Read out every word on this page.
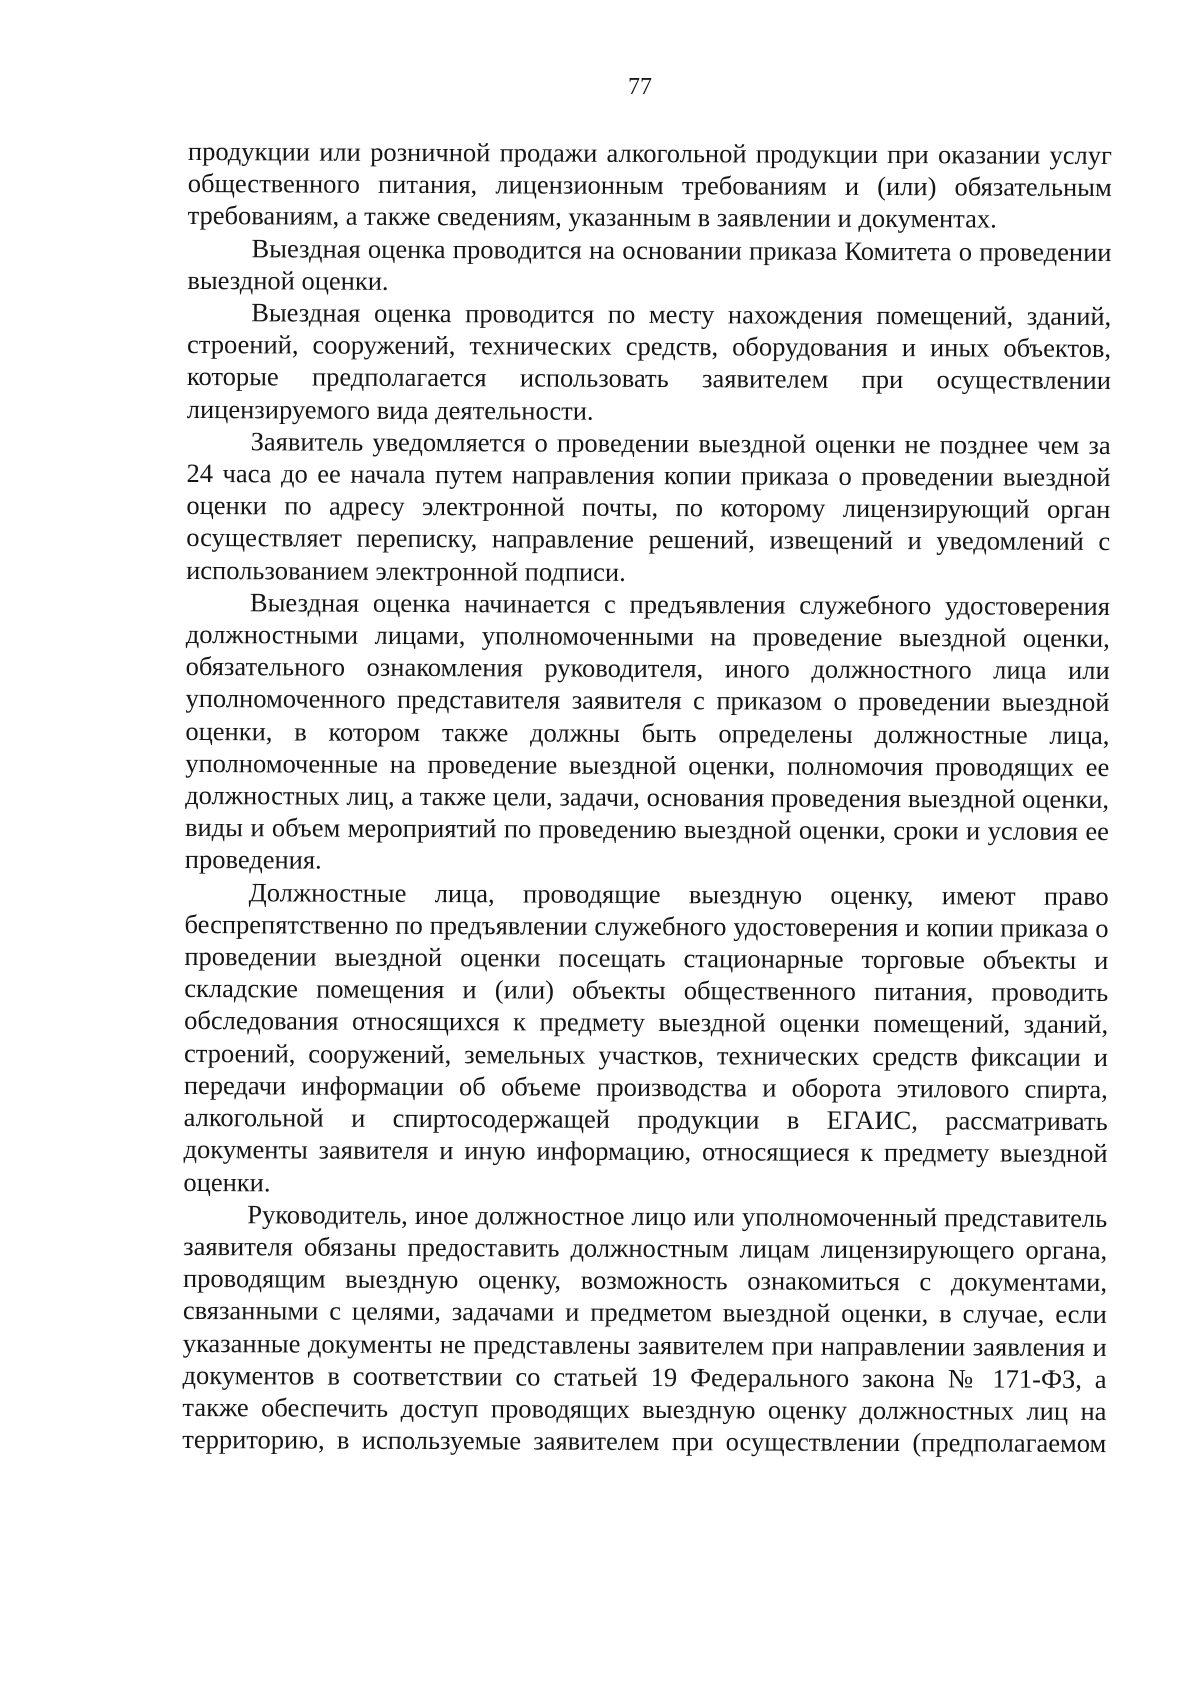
77

продукции или розничной продажи алкогольной продукции при оказании услуг общественного питания, лицензионным требованиям и (или) обязательным требованиям, а также сведениям, указанным в заявлении и документах.

Выездная оценка проводится на основании приказа Комитета о проведении выездной оценки.

Выездная оценка проводится по месту нахождения помещений, зданий, строений, сооружений, технических средств, оборудования и иных объектов, которые предполагается использовать заявителем при осуществлении лицензируемого вида деятельности.

Заявитель уведомляется о проведении выездной оценки не позднее чем за 24 часа до ее начала путем направления копии приказа о проведении выездной оценки по адресу электронной почты, по которому лицензирующий орган осуществляет переписку, направление решений, извещений и уведомлений с использованием электронной подписи.

Выездная оценка начинается с предъявления служебного удостоверения должностными лицами, уполномоченными на проведение выездной оценки, обязательного ознакомления руководителя, иного должностного лица или уполномоченного представителя заявителя с приказом о проведении выездной оценки, в котором также должны быть определены должностные лица, уполномоченные на проведение выездной оценки, полномочия проводящих ее должностных лиц, а также цели, задачи, основания проведения выездной оценки, виды и объем мероприятий по проведению выездной оценки, сроки и условия ее проведения.

Должностные лица, проводящие выездную оценку, имеют право беспрепятственно по предъявлении служебного удостоверения и копии приказа о проведении выездной оценки посещать стационарные торговые объекты и складские помещения и (или) объекты общественного питания, проводить обследования относящихся к предмету выездной оценки помещений, зданий, строений, сооружений, земельных участков, технических средств фиксации и передачи информации об объеме производства и оборота этилового спирта, алкогольной и спиртосодержащей продукции в ЕГАИС, рассматривать документы заявителя и иную информацию, относящиеся к предмету выездной оценки.

Руководитель, иное должностное лицо или уполномоченный представитель заявителя обязаны предоставить должностным лицам лицензирующего органа, проводящим выездную оценку, возможность ознакомиться с документами, связанными с целями, задачами и предметом выездной оценки, в случае, если указанные документы не представлены заявителем при направлении заявления и документов в соответствии со статьей 19 Федерального закона № 171-ФЗ, а также обеспечить доступ проводящих выездную оценку должностных лиц на территорию, в используемые заявителем при осуществлении (предполагаемом
